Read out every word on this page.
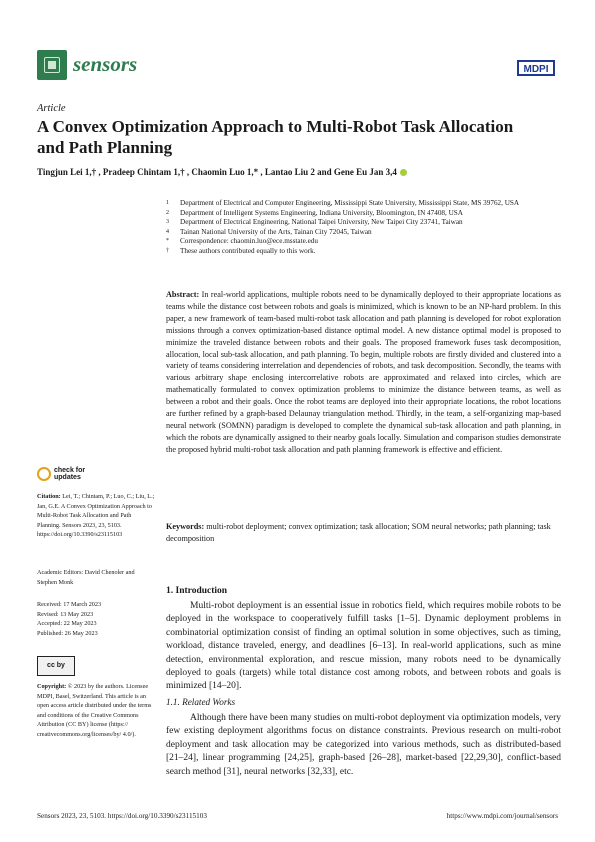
sensors	MDPI
Article
A Convex Optimization Approach to Multi-Robot Task Allocation and Path Planning
Tingjun Lei 1,† , Pradeep Chintam 1,† , Chaomin Luo 1,* , Lantao Liu 2 and Gene Eu Jan 3,4
1	Department of Electrical and Computer Engineering, Mississippi State University, Mississippi State, MS 39762, USA
2	Department of Intelligent Systems Engineering, Indiana University, Bloomington, IN 47408, USA
3	Department of Electrical Engineering, National Taipei University, New Taipei City 23741, Taiwan
4	Tainan National University of the Arts, Tainan City 72045, Taiwan
*	Correspondence: chaomin.luo@ece.msstate.edu
†	These authors contributed equally to this work.
Abstract: In real-world applications, multiple robots need to be dynamically deployed to their appropriate locations as teams while the distance cost between robots and goals is minimized, which is known to be an NP-hard problem. In this paper, a new framework of team-based multi-robot task allocation and path planning is developed for robot exploration missions through a convex optimization-based distance optimal model. A new distance optimal model is proposed to minimize the traveled distance between robots and their goals. The proposed framework fuses task decomposition, allocation, local sub-task allocation, and path planning. To begin, multiple robots are firstly divided and clustered into a variety of teams considering interrelation and dependencies of robots, and task decomposition. Secondly, the teams with various arbitrary shape enclosing intercorrelative robots are approximated and relaxed into circles, which are mathematically formulated to convex optimization problems to minimize the distance between teams, as well as between a robot and their goals. Once the robot teams are deployed into their appropriate locations, the robot locations are further refined by a graph-based Delaunay triangulation method. Thirdly, in the team, a self-organizing map-based neural network (SOMNN) paradigm is developed to complete the dynamical sub-task allocation and path planning, in which the robots are dynamically assigned to their nearby goals locally. Simulation and comparison studies demonstrate the proposed hybrid multi-robot task allocation and path planning framework is effective and efficient.
Keywords: multi-robot deployment; convex optimization; task allocation; SOM neural networks; path planning; task decomposition
check for updates
Citation: Lei, T.; Chintam, P.; Luo, C.; Liu, L.; Jan, G.E. A Convex Optimization Approach to Multi-Robot Task Allocation and Path Planning. Sensors 2023, 23, 5103. https://doi.org/10.3390/s23115103
Academic Editors: David Chenoler and Stephen Monk
Received: 17 March 2023
Revised: 13 May 2023
Accepted: 22 May 2023
Published: 26 May 2023
cc by
Copyright: © 2023 by the authors. Licensee MDPI, Basel, Switzerland. This article is an open access article distributed under the terms and conditions of the Creative Commons Attribution (CC BY) license (https:// creativecommons.org/licenses/by/ 4.0/).
1. Introduction

Multi-robot deployment is an essential issue in robotics field, which requires mobile robots to be deployed in the workspace to cooperatively fulfill tasks [1–5]. Dynamic deployment problems in combinatorial optimization consist of finding an optimal solution in some objectives, such as timing, workload, distance traveled, energy, and deadlines [6–13]. In real-world applications, such as mine detection, environmental exploration, and rescue mission, many robots need to be dynamically deployed to goals (targets) while total distance cost among robots, and between robots and goals is minimized [14–20].

1.1. Related Works

Although there have been many studies on multi-robot deployment via optimization models, very few existing deployment algorithms focus on distance constraints. Previous research on multi-robot deployment and task allocation may be categorized into various methods, such as distributed-based [21–24], linear programming [24,25], graph-based [26–28], market-based [22,29,30], conflict-based search method [31], neural networks [32,33], etc.

Sensors 2023, 23, 5103. https://doi.org/10.3390/s23115103	https://www.mdpi.com/journal/sensors
